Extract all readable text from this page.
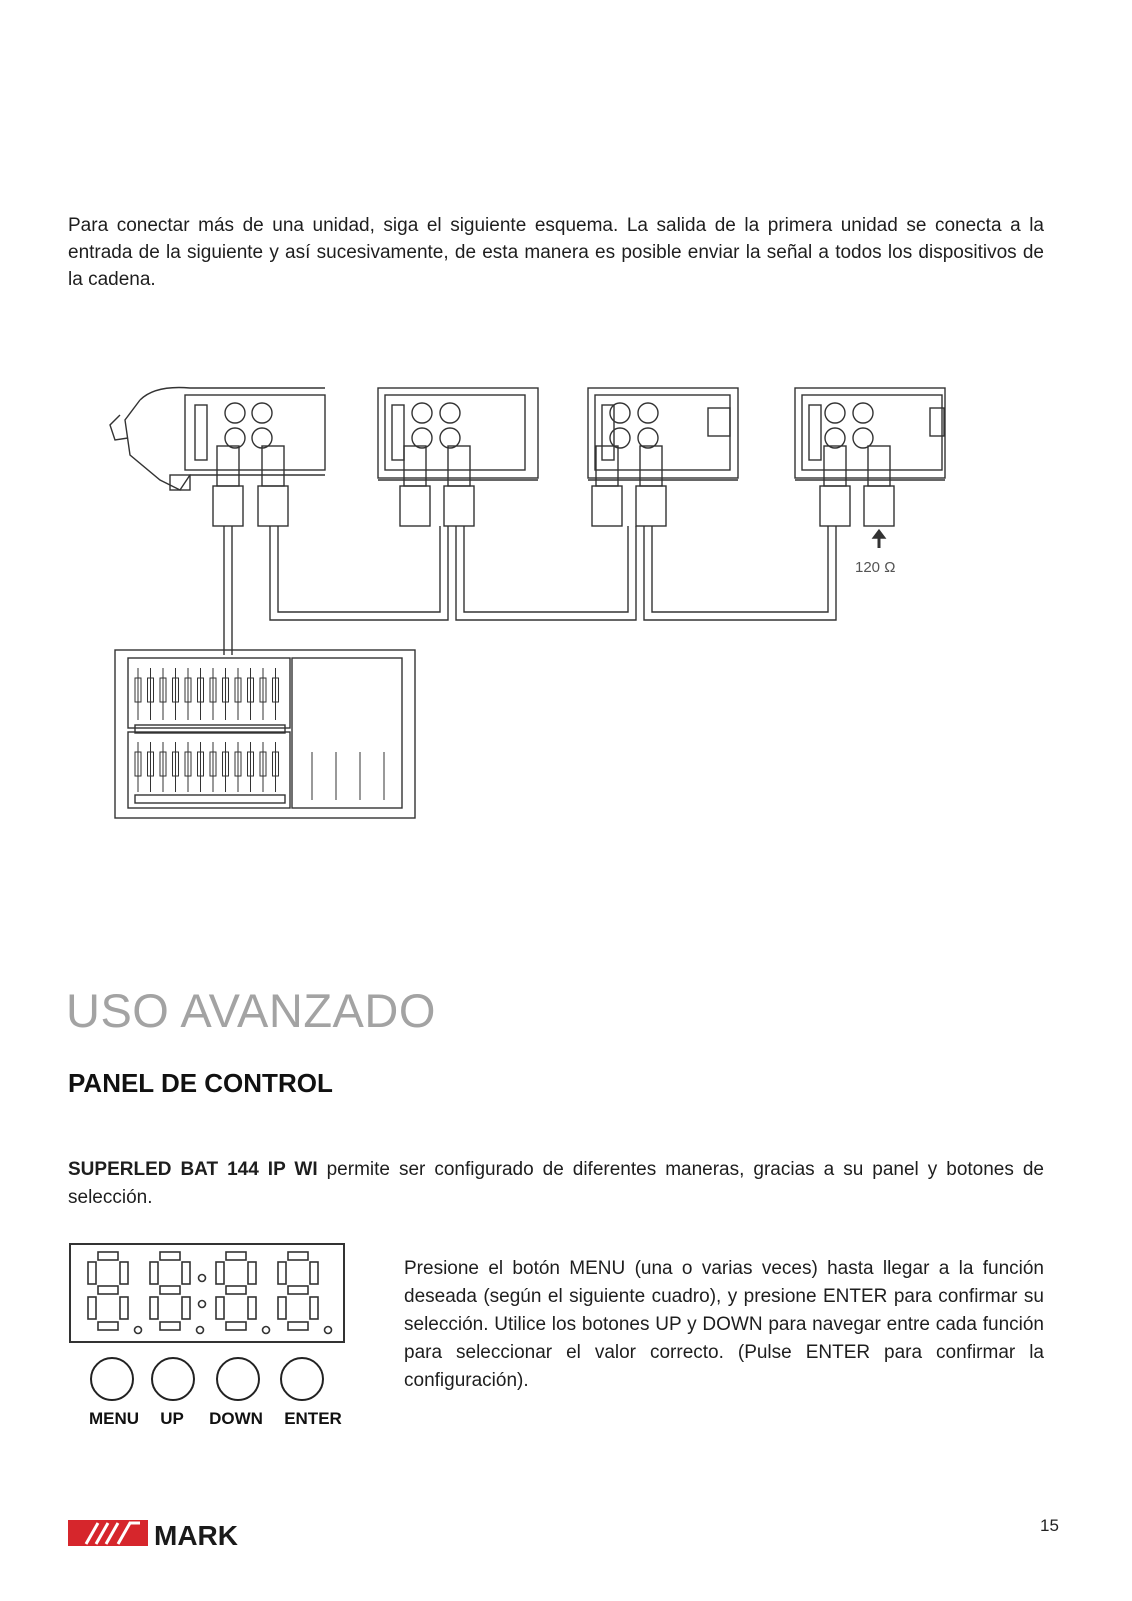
Para conectar más de una unidad, siga el siguiente esquema. La salida de la primera unidad se conecta a la entrada de la siguiente y así sucesivamente, de esta manera es posible enviar la señal a todos los dispositivos de la cadena.

120 Ω
USO AVANZADO
PANEL DE CONTROL

SUPERLED BAT 144 IP WI permite ser configurado de diferentes maneras, gracias a su panel y botones de selección.

MENU UP DOWN ENTER

Presione el botón MENU (una o varias veces) hasta llegar a la función deseada (según el siguiente cuadro), y presione ENTER para confirmar su selección. Utilice los botones UP y DOWN para navegar entre cada función para seleccionar el valor correcto. (Pulse ENTER para confirmar la configuración).

MARK	15
